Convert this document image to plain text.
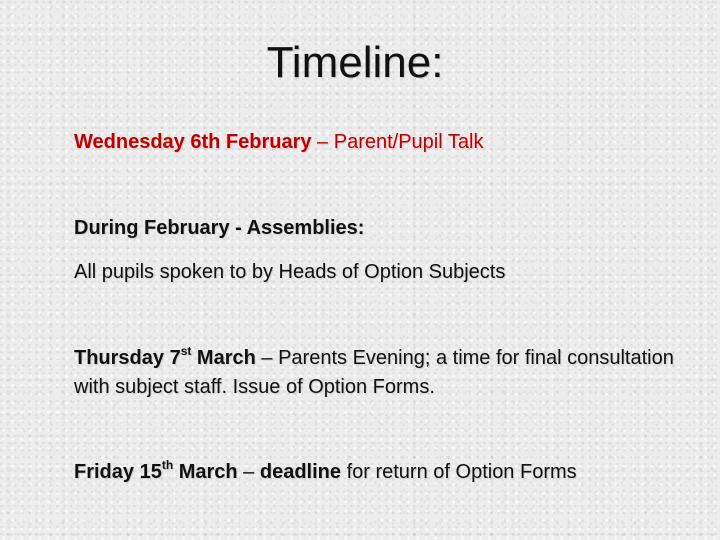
Timeline:
Wednesday 6th February – Parent/Pupil Talk
During February - Assemblies:
All pupils spoken to by Heads of Option Subjects
Thursday 7st March – Parents Evening; a time for final consultation with subject staff. Issue of Option Forms.
Friday 15th March – deadline for return of Option Forms
